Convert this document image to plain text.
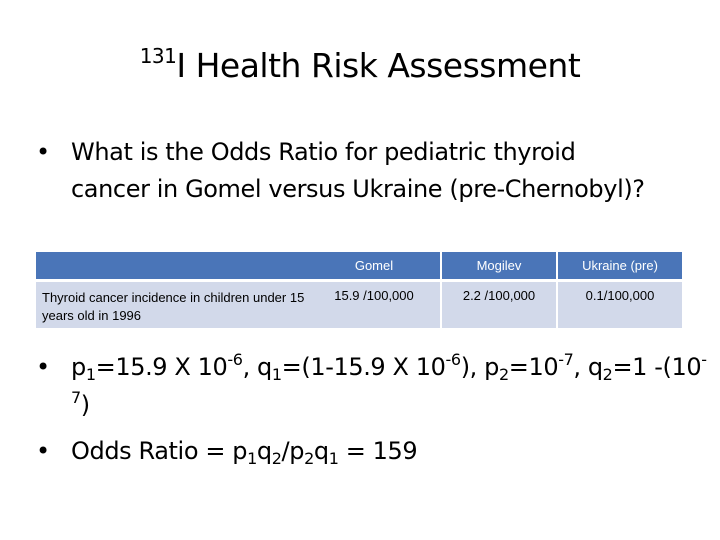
$^{131}$I Health Risk Assessment
• What is the Odds Ratio for pediatric thyroid cancer in Gomel versus Ukraine (pre-Chernobyl)?
	Gomel	Mogilev	Ukraine (pre)
Thyroid cancer incidence in children under 15 years old in 1996	15.9 /100,000	2.2 /100,000	0.1/100,000
• $p_1=15.9$ X $10^{-6}$, $q_1=(1-15.9$ X $10^{-6}$), $p_2=10^{-7}$, $q_2=1$ $-(10^{-7})$
• Odds Ratio = $p_1q_2/p_2q_1 = 159$
